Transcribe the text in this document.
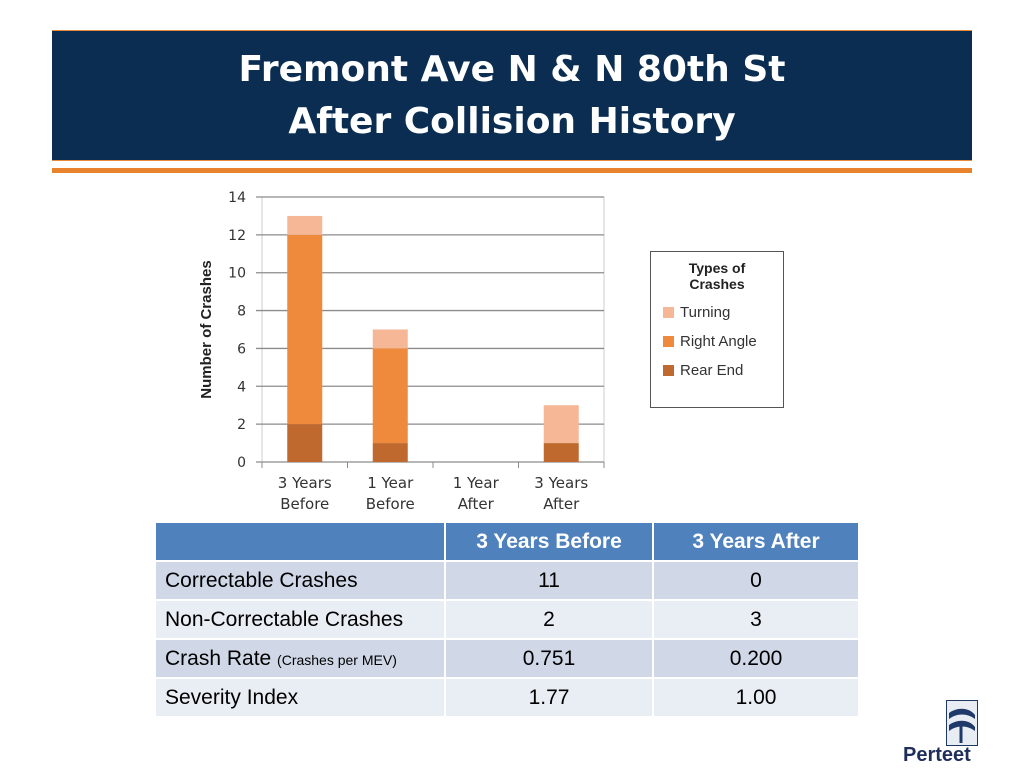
Fremont Ave N & N 80th St
After Collision History
0
2
4
6
8
10
12
14
Number of Crashes
3 Years
Before
1 Year
Before
1 Year
After
3 Years
After
Types of
Crashes
Turning
Right Angle
Rear End
	3 Years Before	3 Years After
Correctable Crashes	11	0
Non-Correctable Crashes	2	3
Crash Rate (Crashes per MEV)	0.751	0.200
Severity Index	1.77	1.00
Perteet
